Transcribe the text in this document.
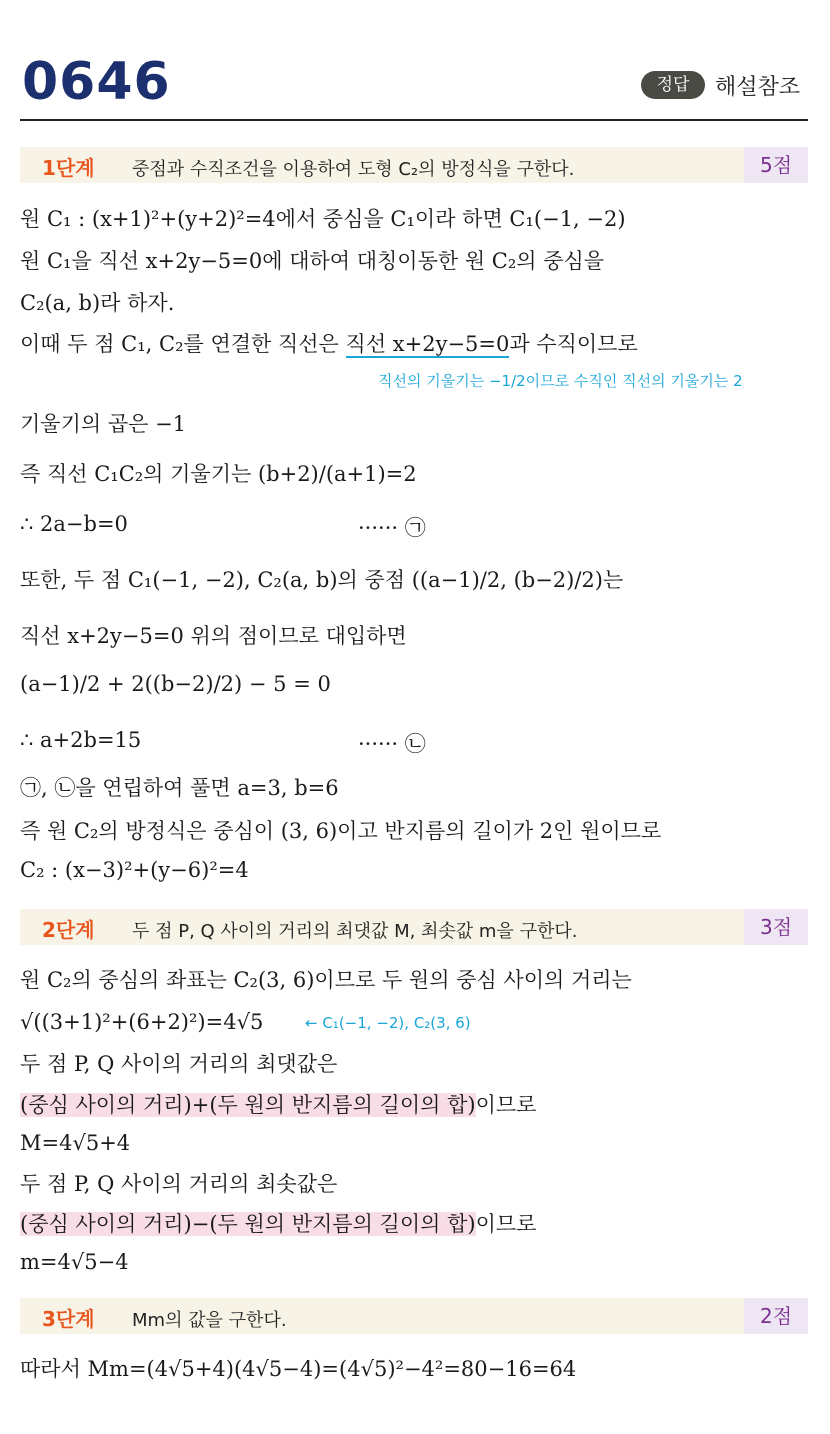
0646	정답	해설참조
1단계 중점과 수직조건을 이용하여 도형 C₂의 방정식을 구한다.	5점
원 C₁ : (x+1)²+(y+2)²=4에서 중심을 C₁이라 하면 C₁(−1, −2)
원 C₁을 직선 x+2y−5=0에 대하여 대칭이동한 원 C₂의 중심을
C₂(a, b)라 하자.
이때 두 점 C₁, C₂를 연결한 직선은 직선 x+2y−5=0과 수직이므로
직선의 기울기는 −1/2이므로 수직인 직선의 기울기는 2
기울기의 곱은 −1
즉 직선 C₁C₂의 기울기는 (b+2)/(a+1)=2
∴ 2a−b=0	······ ㉠
또한, 두 점 C₁(−1, −2), C₂(a, b)의 중점 ((a−1)/2, (b−2)/2)는
직선 x+2y−5=0 위의 점이므로 대입하면
(a−1)/2 + 2((b−2)/2) − 5 = 0
∴ a+2b=15	······ ㉡
㉠, ㉡을 연립하여 풀면 a=3, b=6
즉 원 C₂의 방정식은 중심이 (3, 6)이고 반지름의 길이가 2인 원이므로
C₂ : (x−3)²+(y−6)²=4
2단계 두 점 P, Q 사이의 거리의 최댓값 M, 최솟값 m을 구한다.	3점
원 C₂의 중심의 좌표는 C₂(3, 6)이므로 두 원의 중심 사이의 거리는
√((3+1)²+(6+2)²)=4√5	← C₁(−1, −2), C₂(3, 6)
두 점 P, Q 사이의 거리의 최댓값은
(중심 사이의 거리)+(두 원의 반지름의 길이의 합)이므로
M=4√5+4
두 점 P, Q 사이의 거리의 최솟값은
(중심 사이의 거리)−(두 원의 반지름의 길이의 합)이므로
m=4√5−4
3단계 Mm의 값을 구한다.	2점
따라서 Mm=(4√5+4)(4√5−4)=(4√5)²−4²=80−16=64
